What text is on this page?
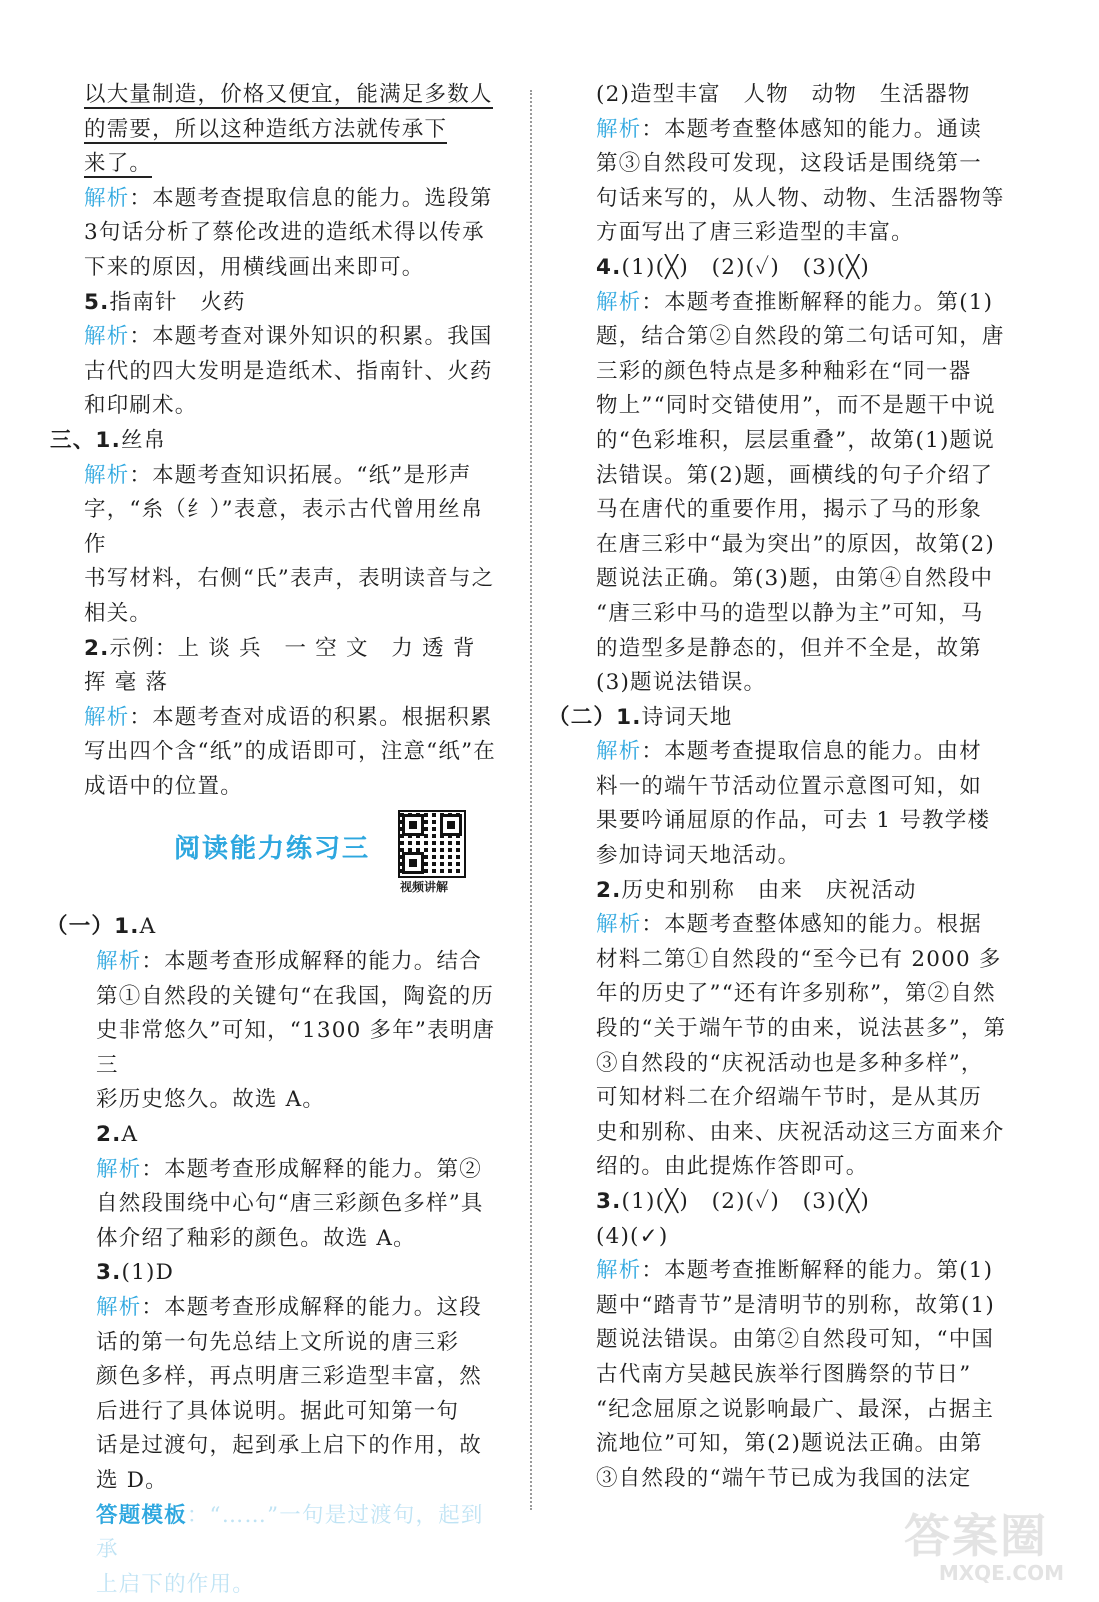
以大量制造，价格又便宜，能满足多数人

的需要，所以这种造纸方法就传承下

来了。

解析：本题考查提取信息的能力。选段第

3句话分析了蔡伦改进的造纸术得以传承

下来的原因，用横线画出来即可。

5.指南针　火药

解析：本题考查对课外知识的积累。我国

古代的四大发明是造纸术、指南针、火药

和印刷术。

三、1.丝帛

解析：本题考查知识拓展。“纸”是形声

字，“糸（纟）”表意，表示古代曾用丝帛作

书写材料，右侧“氏”表声，表明读音与之

相关。

2.示例：上 谈 兵　一 空 文　力 透 背

挥 毫 落

解析：本题考查对成语的积累。根据积累

写出四个含“纸”的成语即可，注意“纸”在

成语中的位置。

阅读能力练习三
视频讲解

（一）1.A

解析：本题考查形成解释的能力。结合

第①自然段的关键句“在我国，陶瓷的历

史非常悠久”可知，“1300 多年”表明唐三

彩历史悠久。故选 A。

2.A

解析：本题考查形成解释的能力。第②

自然段围绕中心句“唐三彩颜色多样”具

体介绍了釉彩的颜色。故选 A。

3.(1)D

解析：本题考查形成解释的能力。这段

话的第一句先总结上文所说的唐三彩

颜色多样，再点明唐三彩造型丰富，然

后进行了具体说明。据此可知第一句

话是过渡句，起到承上启下的作用，故

选 D。

答题模板：“……”一句是过渡句，起到承

上启下的作用。

(2)造型丰富　人物　动物　生活器物

解析：本题考查整体感知的能力。通读

第③自然段可发现，这段话是围绕第一

句话来写的，从人物、动物、生活器物等

方面写出了唐三彩造型的丰富。

4.(1)(╳)　(2)(✓)　(3)(╳)

解析：本题考查推断解释的能力。第(1)

题，结合第②自然段的第二句话可知，唐

三彩的颜色特点是多种釉彩在“同一器

物上”“同时交错使用”，而不是题干中说

的“色彩堆积，层层重叠”，故第(1)题说

法错误。第(2)题，画横线的句子介绍了

马在唐代的重要作用，揭示了马的形象

在唐三彩中“最为突出”的原因，故第(2)

题说法正确。第(3)题，由第④自然段中

“唐三彩中马的造型以静为主”可知，马

的造型多是静态的，但并不全是，故第

(3)题说法错误。

（二）1.诗词天地

解析：本题考查提取信息的能力。由材

料一的端午节活动位置示意图可知，如

果要吟诵屈原的作品，可去 1 号教学楼

参加诗词天地活动。

2.历史和别称　由来　庆祝活动

解析：本题考查整体感知的能力。根据

材料二第①自然段的“至今已有 2000 多

年的历史了”“还有许多别称”，第②自然

段的“关于端午节的由来，说法甚多”，第

③自然段的“庆祝活动也是多种多样”，

可知材料二在介绍端午节时，是从其历

史和别称、由来、庆祝活动这三方面来介

绍的。由此提炼作答即可。

3.(1)(╳)　(2)(✓)　(3)(╳)

(4)(✓)

解析：本题考查推断解释的能力。第(1)

题中“踏青节”是清明节的别称，故第(1)

题说法错误。由第②自然段可知，“中国

古代南方吴越民族举行图腾祭的节日”

“纪念屈原之说影响最广、最深，占据主

流地位”可知，第(2)题说法正确。由第

③自然段的“端午节已成为我国的法定

答案圈
MXQE.COM
